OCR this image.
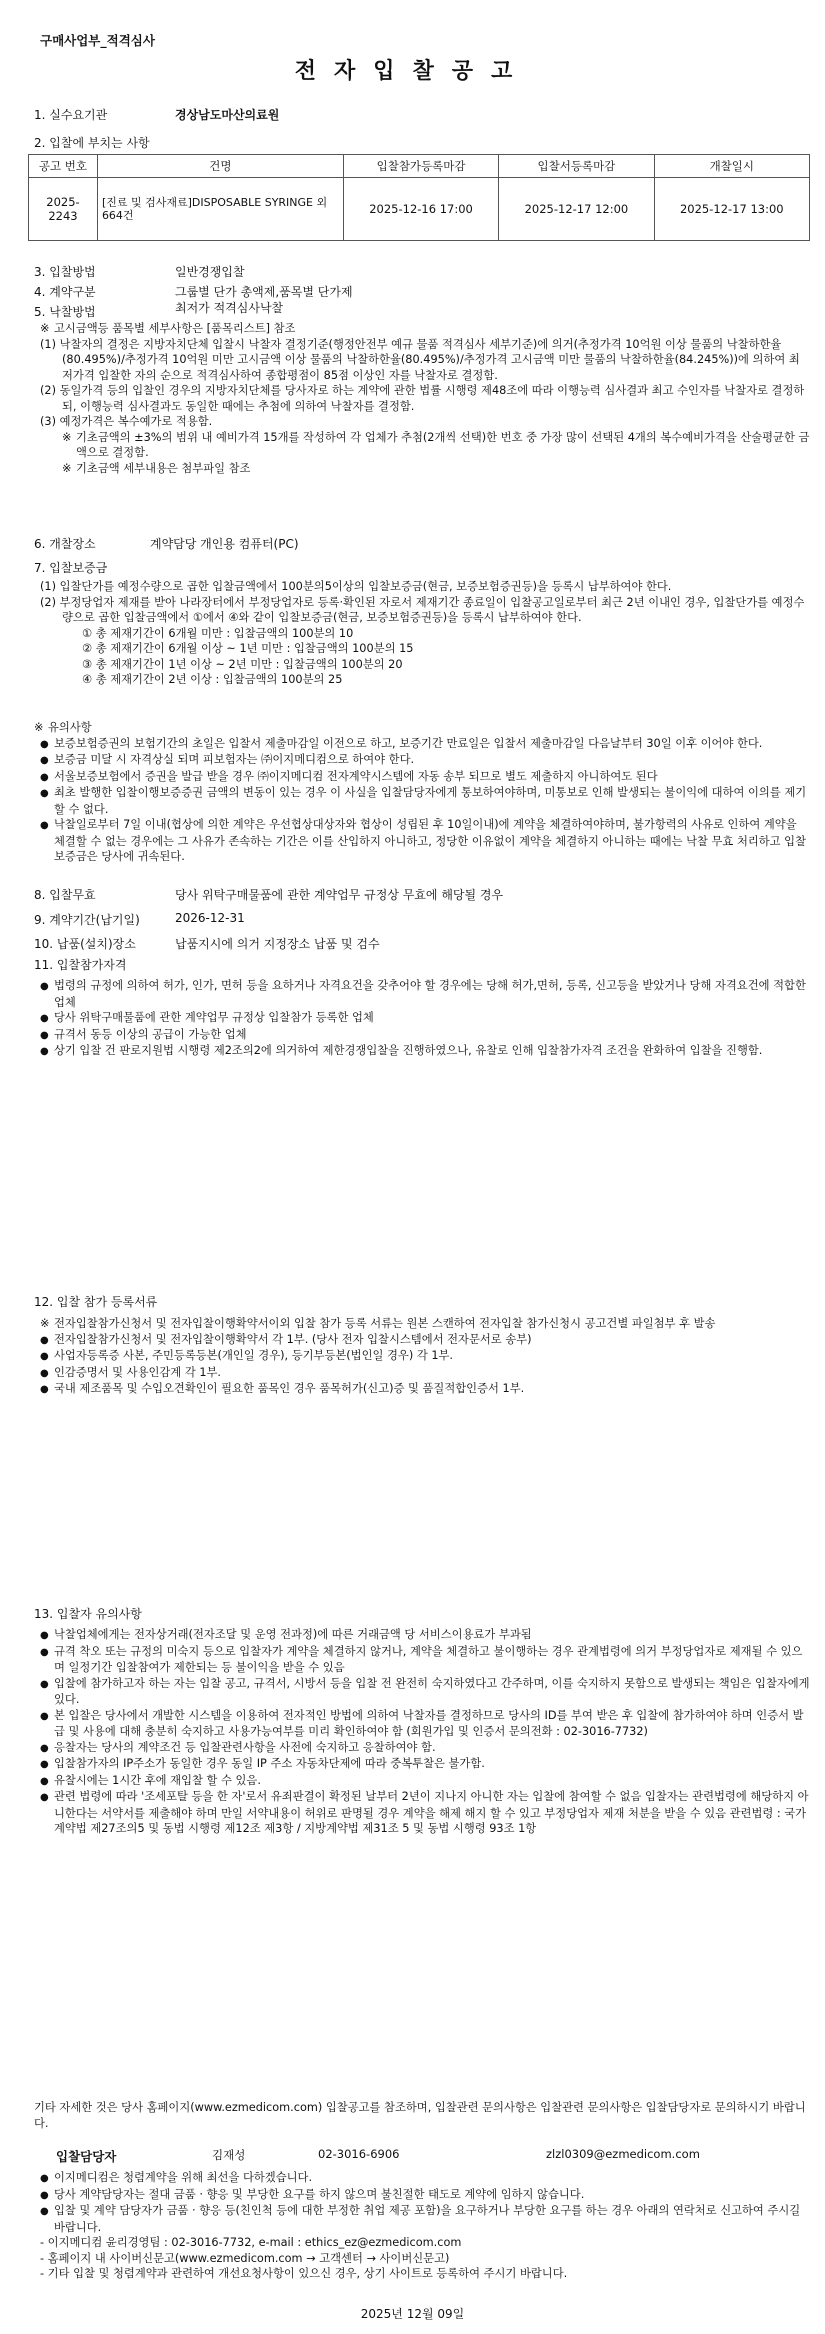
구매사업부_적격심사
전자입찰공고
1. 실수요기관	경상남도마산의료원
2. 입찰에 부치는 사항
공고 번호	건명	입찰참가등록마감	입찰서등록마감	개찰일시
2025-2243	[진료 및 검사재료]DISPOSABLE SYRINGE 외 664건	2025-12-16 17:00	2025-12-17 12:00	2025-12-17 13:00
3. 입찰방법	일반경쟁입찰
4. 계약구분	그룹별 단가 총액제,품목별 단가제
5. 낙찰방법	최저가 적격심사낙찰

※ 고시금액등 품목별 세부사항은 [품목리스트] 참조

(1) 낙찰자의 결정은 지방자치단체 입찰시 낙찰자 결정기준(행정안전부 예규 물품 적격심사 세부기준)에 의거(추정가격 10억원 이상 물품의 낙찰하한율(80.495%)/추정가격 10억원 미만 고시금액 이상 물품의 낙찰하한율(80.495%)/추정가격 고시금액 미만 물품의 낙찰하한율(84.245%))에 의하여 최저가격 입찰한 자의 순으로 적격심사하여 종합평점이 85점 이상인 자를 낙찰자로 결정함.

(2) 동일가격 등의 입찰인 경우의 지방자치단체를 당사자로 하는 계약에 관한 법률 시행령 제48조에 따라 이행능력 심사결과 최고 수인자를 낙찰자로 결정하되, 이행능력 심사결과도 동일한 때에는 추첨에 의하여 낙찰자를 결정함.

(3) 예정가격은 복수예가로 적용함.

※ 기초금액의 ±3%의 범위 내 예비가격 15개를 작성하여 각 업체가 추첨(2개씩 선택)한 번호 중 가장 많이 선택된 4개의 복수예비가격을 산술평균한 금액으로 결정함.

※ 기초금액 세부내용은 첨부파일 참조

6. 개찰장소	계약담당 개인용 컴퓨터(PC)
7. 입찰보증금

(1) 입찰단가를 예정수량으로 곱한 입찰금액에서 100분의5이상의 입찰보증금(현금, 보증보험증권등)을 등록시 납부하여야 한다.

(2) 부정당업자 제재를 받아 나라장터에서 부정당업자로 등록·확인된 자로서 제재기간 종료일이 입찰공고일로부터 최근 2년 이내인 경우, 입찰단가를 예정수량으로 곱한 입찰금액에서 ①에서 ④와 같이 입찰보증금(현금, 보증보험증권등)을 등록시 납부하여야 한다.

① 총 제재기간이 6개월 미만 : 입찰금액의 100분의 10

② 총 제재기간이 6개월 이상 ~ 1년 미만 : 입찰금액의 100분의 15

③ 총 제재기간이 1년 이상 ~ 2년 미만 : 입찰금액의 100분의 20

④ 총 제재기간이 2년 이상 : 입찰금액의 100분의 25

※ 유의사항

● 보증보험증권의 보험기간의 초일은 입찰서 제출마감일 이전으로 하고, 보증기간 만료일은 입찰서 제출마감일 다음날부터 30일 이후 이어야 한다.

● 보증금 미달 시 자격상실 되며 피보험자는 ㈜이지메디컴으로 하여야 한다.

● 서울보증보험에서 증권을 발급 받을 경우 ㈜이지메디컴 전자계약시스템에 자동 송부 되므로 별도 제출하지 아니하여도 된다

● 최초 발행한 입찰이행보증증권 금액의 변동이 있는 경우 이 사실을 입찰담당자에게 통보하여야하며, 미통보로 인해 발생되는 불이익에 대하여 이의를 제기할 수 없다.

● 낙찰일로부터 7일 이내(협상에 의한 계약은 우선협상대상자와 협상이 성립된 후 10일이내)에 계약을 체결하여야하며, 불가항력의 사유로 인하여 계약을 체결할 수 없는 경우에는 그 사유가 존속하는 기간은 이를 산입하지 아니하고, 정당한 이유없이 계약을 체결하지 아니하는 때에는 낙찰 무효 처리하고 입찰보증금은 당사에 귀속된다.

8. 입찰무효	당사 위탁구매물품에 관한 계약업무 규정상 무효에 해당될 경우
9. 계약기간(납기일)	2026-12-31
10. 납품(설치)장소	납품지시에 의거 지정장소 납품 및 검수
11. 입찰참가자격

● 법령의 규정에 의하여 허가, 인가, 면허 등을 요하거나 자격요건을 갖추어야 할 경우에는 당해 허가,면허, 등록, 신고등을 받았거나 당해 자격요건에 적합한 업체

● 당사 위탁구매물품에 관한 계약업무 규정상 입찰참가 등록한 업체

● 규격서 동등 이상의 공급이 가능한 업체

● 상기 입찰 건 판로지원법 시행령 제2조의2에 의거하여 제한경쟁입찰을 진행하였으나, 유찰로 인해 입찰참가자격 조건을 완화하여 입찰을 진행함.

12. 입찰 참가 등록서류

※ 전자입찰참가신청서 및 전자입찰이행확약서이외 입찰 참가 등록 서류는 원본 스캔하여 전자입찰 참가신청시 공고건별 파일첨부 후 발송

● 전자입찰참가신청서 및 전자입찰이행확약서 각 1부. (당사 전자 입찰시스템에서 전자문서로 송부)

● 사업자등록증 사본, 주민등록등본(개인일 경우), 등기부등본(법인일 경우) 각 1부.

● 인감증명서 및 사용인감계 각 1부.

● 국내 제조품목 및 수입오견확인이 필요한 품목인 경우 품목허가(신고)증 및 품질적합인증서 1부.

13. 입찰자 유의사항

● 낙찰업체에게는 전자상거래(전자조달 및 운영 전과정)에 따른 거래금액 당 서비스이용료가 부과됨

● 규격 착오 또는 규정의 미숙지 등으로 입찰자가 계약을 체결하지 않거나, 계약을 체결하고 불이행하는 경우 관계법령에 의거 부정당업자로 제재될 수 있으며 일정기간 입찰참여가 제한되는 등 불이익을 받을 수 있음

● 입찰에 참가하고자 하는 자는 입찰 공고, 규격서, 시방서 등을 입찰 전 완전히 숙지하였다고 간주하며, 이를 숙지하지 못함으로 발생되는 책임은 입찰자에게 있다.

● 본 입찰은 당사에서 개발한 시스템을 이용하여 전자적인 방법에 의하여 낙찰자를 결정하므로 당사의 ID를 부여 받은 후 입찰에 참가하여야 하며 인증서 발급 및 사용에 대해 충분히 숙지하고 사용가능여부를 미리 확인하여야 함 (회원가입 및 인증서 문의전화 : 02-3016-7732)

● 응찰자는 당사의 계약조건 등 입찰관련사항을 사전에 숙지하고 응찰하여야 함.

● 입찰참가자의 IP주소가 동일한 경우 동일 IP 주소 자동차단제에 따라 중복투찰은 불가함.

● 유찰시에는 1시간 후에 재입찰 할 수 있음.

● 관련 법령에 따라 '조세포탈 등을 한 자'로서 유죄판결이 확정된 날부터 2년이 지나지 아니한 자는 입찰에 참여할 수 없음 입찰자는 관련법령에 해당하지 아니한다는 서약서를 제출해야 하며 만일 서약내용이 허위로 판명될 경우 계약을 해제 해지 할 수 있고 부정당업자 제재 처분을 받을 수 있음 관련법령 : 국가계약법 제27조의5 및 동법 시행령 제12조 제3항 / 지방계약법 제31조 5 및 동법 시행령 93조 1항

기타 자세한 것은 당사 홈페이지(www.ezmedicom.com) 입찰공고를 참조하며, 입찰관련 문의사항은 입찰관련 문의사항은 입찰담당자로 문의하시기 바랍니다.
입찰담당자	김재성	02-3016-6906	zlzl0309@ezmedicom.com

● 이지메디컴은 청렴계약을 위해 최선을 다하겠습니다.

● 당사 계약담당자는 절대 금품 · 향응 및 부당한 요구를 하지 않으며 불친절한 태도로 계약에 임하지 않습니다.

● 입찰 및 계약 담당자가 금품 · 향응 등(친인척 등에 대한 부정한 취업 제공 포함)을 요구하거나 부당한 요구를 하는 경우 아래의 연락처로 신고하여 주시길 바랍니다.

- 이지메디컴 윤리경영팀 : 02-3016-7732, e-mail : ethics_ez@ezmedicom.com

- 홈페이지 내 사이버신문고(www.ezmedicom.com → 고객센터 → 사이버신문고)

- 기타 입찰 및 청렴계약과 관련하여 개선요청사항이 있으신 경우, 상기 사이트로 등록하여 주시기 바랍니다.

2025년 12월 09일
